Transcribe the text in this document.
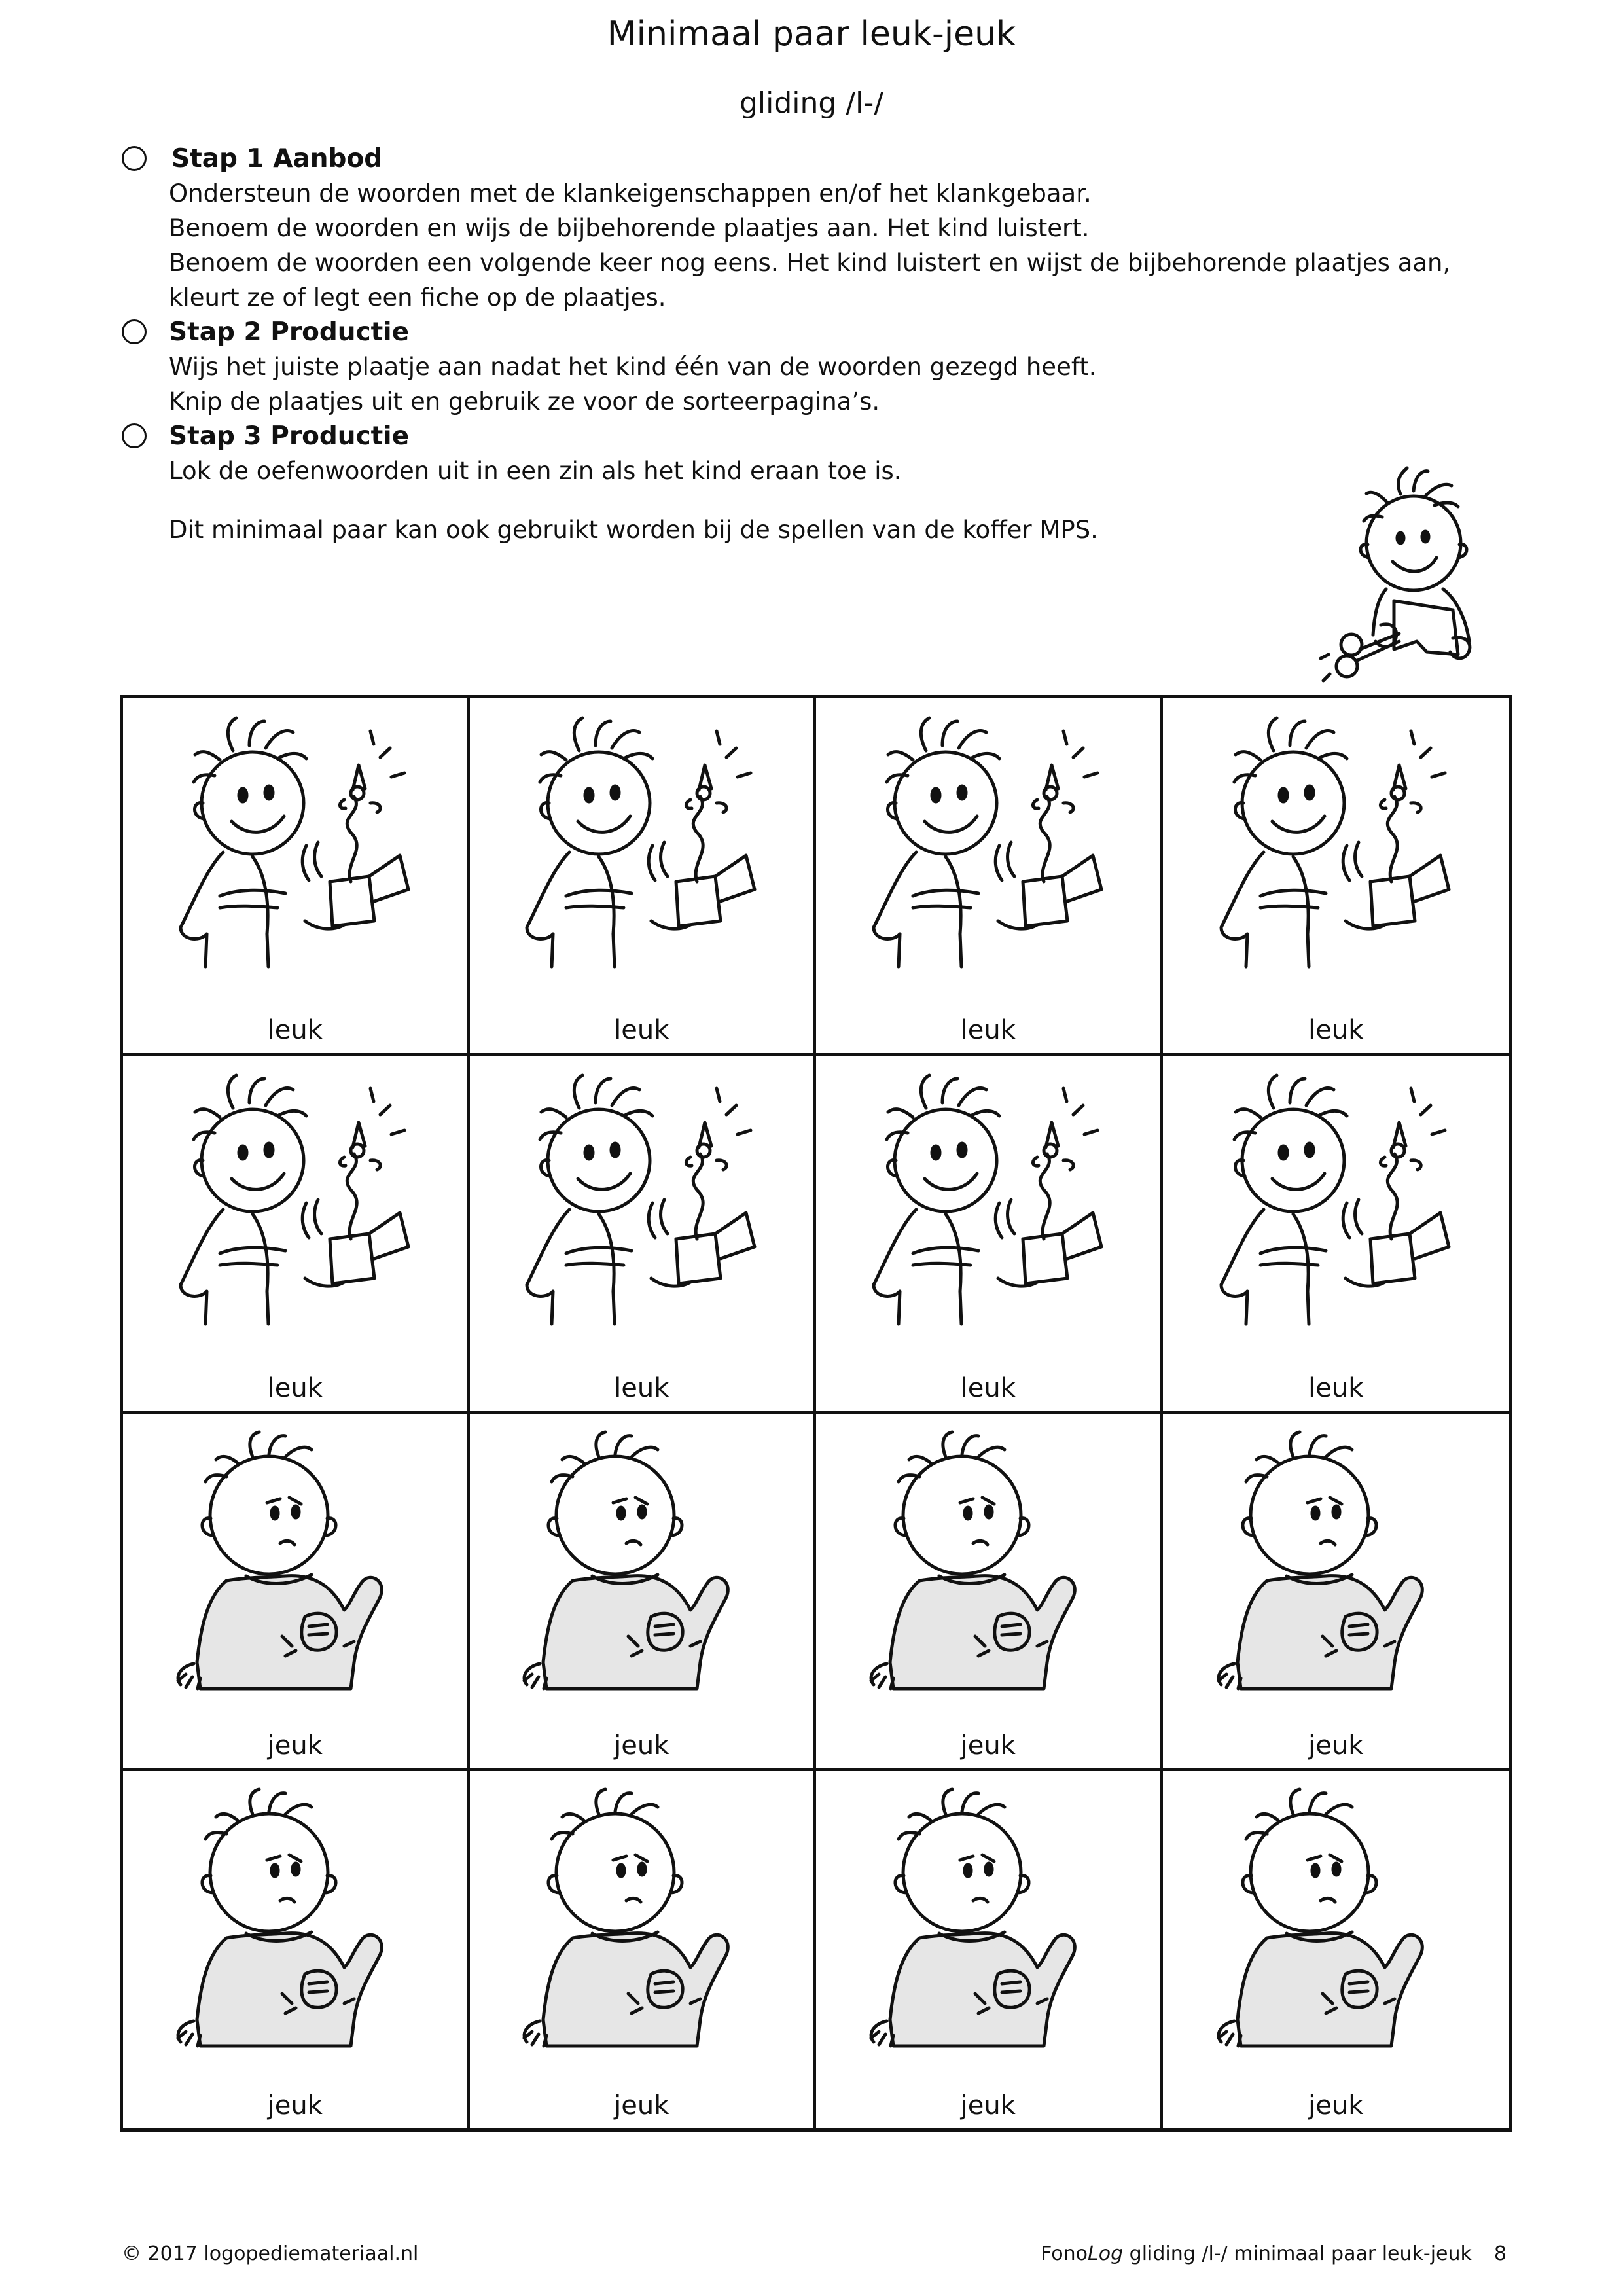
Minimaal paar leuk-jeuk
gliding /l-/
Stap 1 Aanbod
Ondersteun de woorden met de klankeigenschappen en/of het klankgebaar.
Benoem de woorden en wijs de bijbehorende plaatjes aan. Het kind luistert.
Benoem de woorden een volgende keer nog eens. Het kind luistert en wijst de bijbehorende plaatjes aan,
kleurt ze of legt een fiche op de plaatjes.
Stap 2 Productie
Wijs het juiste plaatje aan nadat het kind één van de woorden gezegd heeft.
Knip de plaatjes uit en gebruik ze voor de sorteerpagina’s.
Stap 3 Productie
Lok de oefenwoorden uit in een zin als het kind eraan toe is.
Dit minimaal paar kan ook gebruikt worden bij de spellen van de koffer MPS.
leuk	leuk	leuk	leuk
leuk	leuk	leuk	leuk
jeuk	jeuk	jeuk	jeuk
jeuk	jeuk	jeuk	jeuk
© 2017 logopediemateriaal.nl	FonoLog gliding /l-/ minimaal paar leuk-jeuk 8
